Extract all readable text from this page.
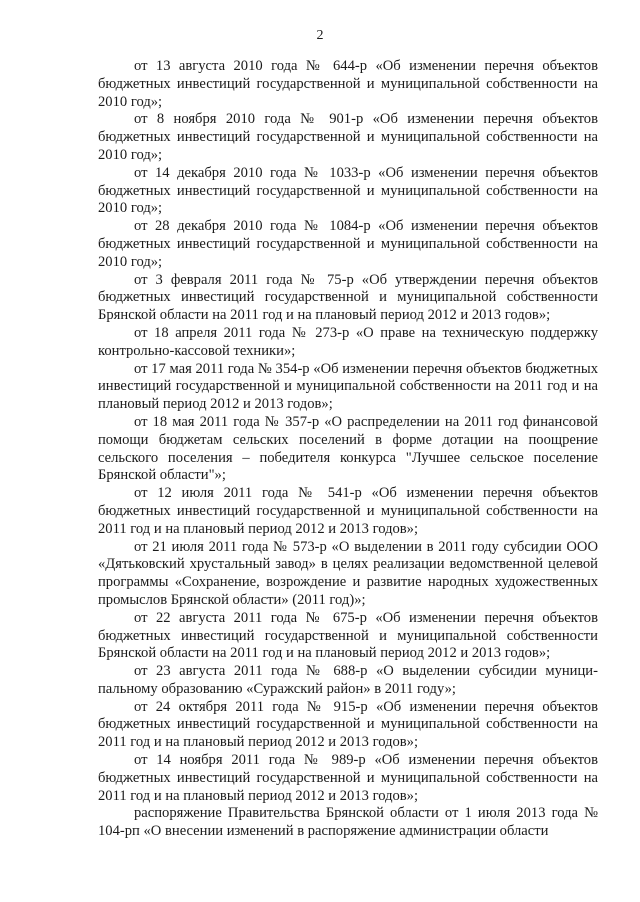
2

от 13 августа 2010 года № 644-р «Об изменении перечня объектов бюджетных инвестиций государственной и муниципальной собственности на 2010 год»;

от 8 ноября 2010 года № 901-р «Об изменении перечня объектов бюджетных инвестиций государственной и муниципальной собственности на 2010 год»;

от 14 декабря 2010 года № 1033-р «Об изменении перечня объектов бюджетных инвестиций государственной и муниципальной собственности на 2010 год»;

от 28 декабря 2010 года № 1084-р «Об изменении перечня объектов бюджетных инвестиций государственной и муниципальной собственности на 2010 год»;

от 3 февраля 2011 года № 75-р «Об утверждении перечня объектов бюджетных инвестиций государственной и муниципальной собственности Брянской области на 2011 год и на плановый период 2012 и 2013 годов»;

от 18 апреля 2011 года № 273-р «О праве на техническую поддержку контрольно-кассовой техники»;

от 17 мая 2011 года № 354-р «Об изменении перечня объектов бюджетных инвестиций государственной и муниципальной собственности на 2011 год и на плановый период 2012 и 2013 годов»;

от 18 мая 2011 года № 357-р «О распределении на 2011 год финансовой помощи бюджетам сельских поселений в форме дотации на поощрение сельского поселения – победителя конкурса "Лучшее сельское поселение Брянской области"»;

от 12 июля 2011 года № 541-р «Об изменении перечня объектов бюджетных инвестиций государственной и муниципальной собственности на 2011 год и на плановый период 2012 и 2013 годов»;

от 21 июля 2011 года № 573-р «О выделении в 2011 году субсидии ООО «Дятьковский хрустальный завод» в целях реализации ведомственной целевой программы «Сохранение, возрождение и развитие народных художественных промыслов Брянской области» (2011 год)»;

от 22 августа 2011 года № 675-р «Об изменении перечня объектов бюджетных инвестиций государственной и муниципальной собственности Брянской области на 2011 год и на плановый период 2012 и 2013 годов»;

от 23 августа 2011 года № 688-р «О выделении субсидии муниципальному образованию «Суражский район» в 2011 году»;

от 24 октября 2011 года № 915-р «Об изменении перечня объектов бюджетных инвестиций государственной и муниципальной собственности на 2011 год и на плановый период 2012 и 2013 годов»;

от 14 ноября 2011 года № 989-р «Об изменении перечня объектов бюджетных инвестиций государственной и муниципальной собственности на 2011 год и на плановый период 2012 и 2013 годов»;

распоряжение Правительства Брянской области от 1 июля 2013 года № 104-рп «О внесении изменений в распоряжение администрации области
